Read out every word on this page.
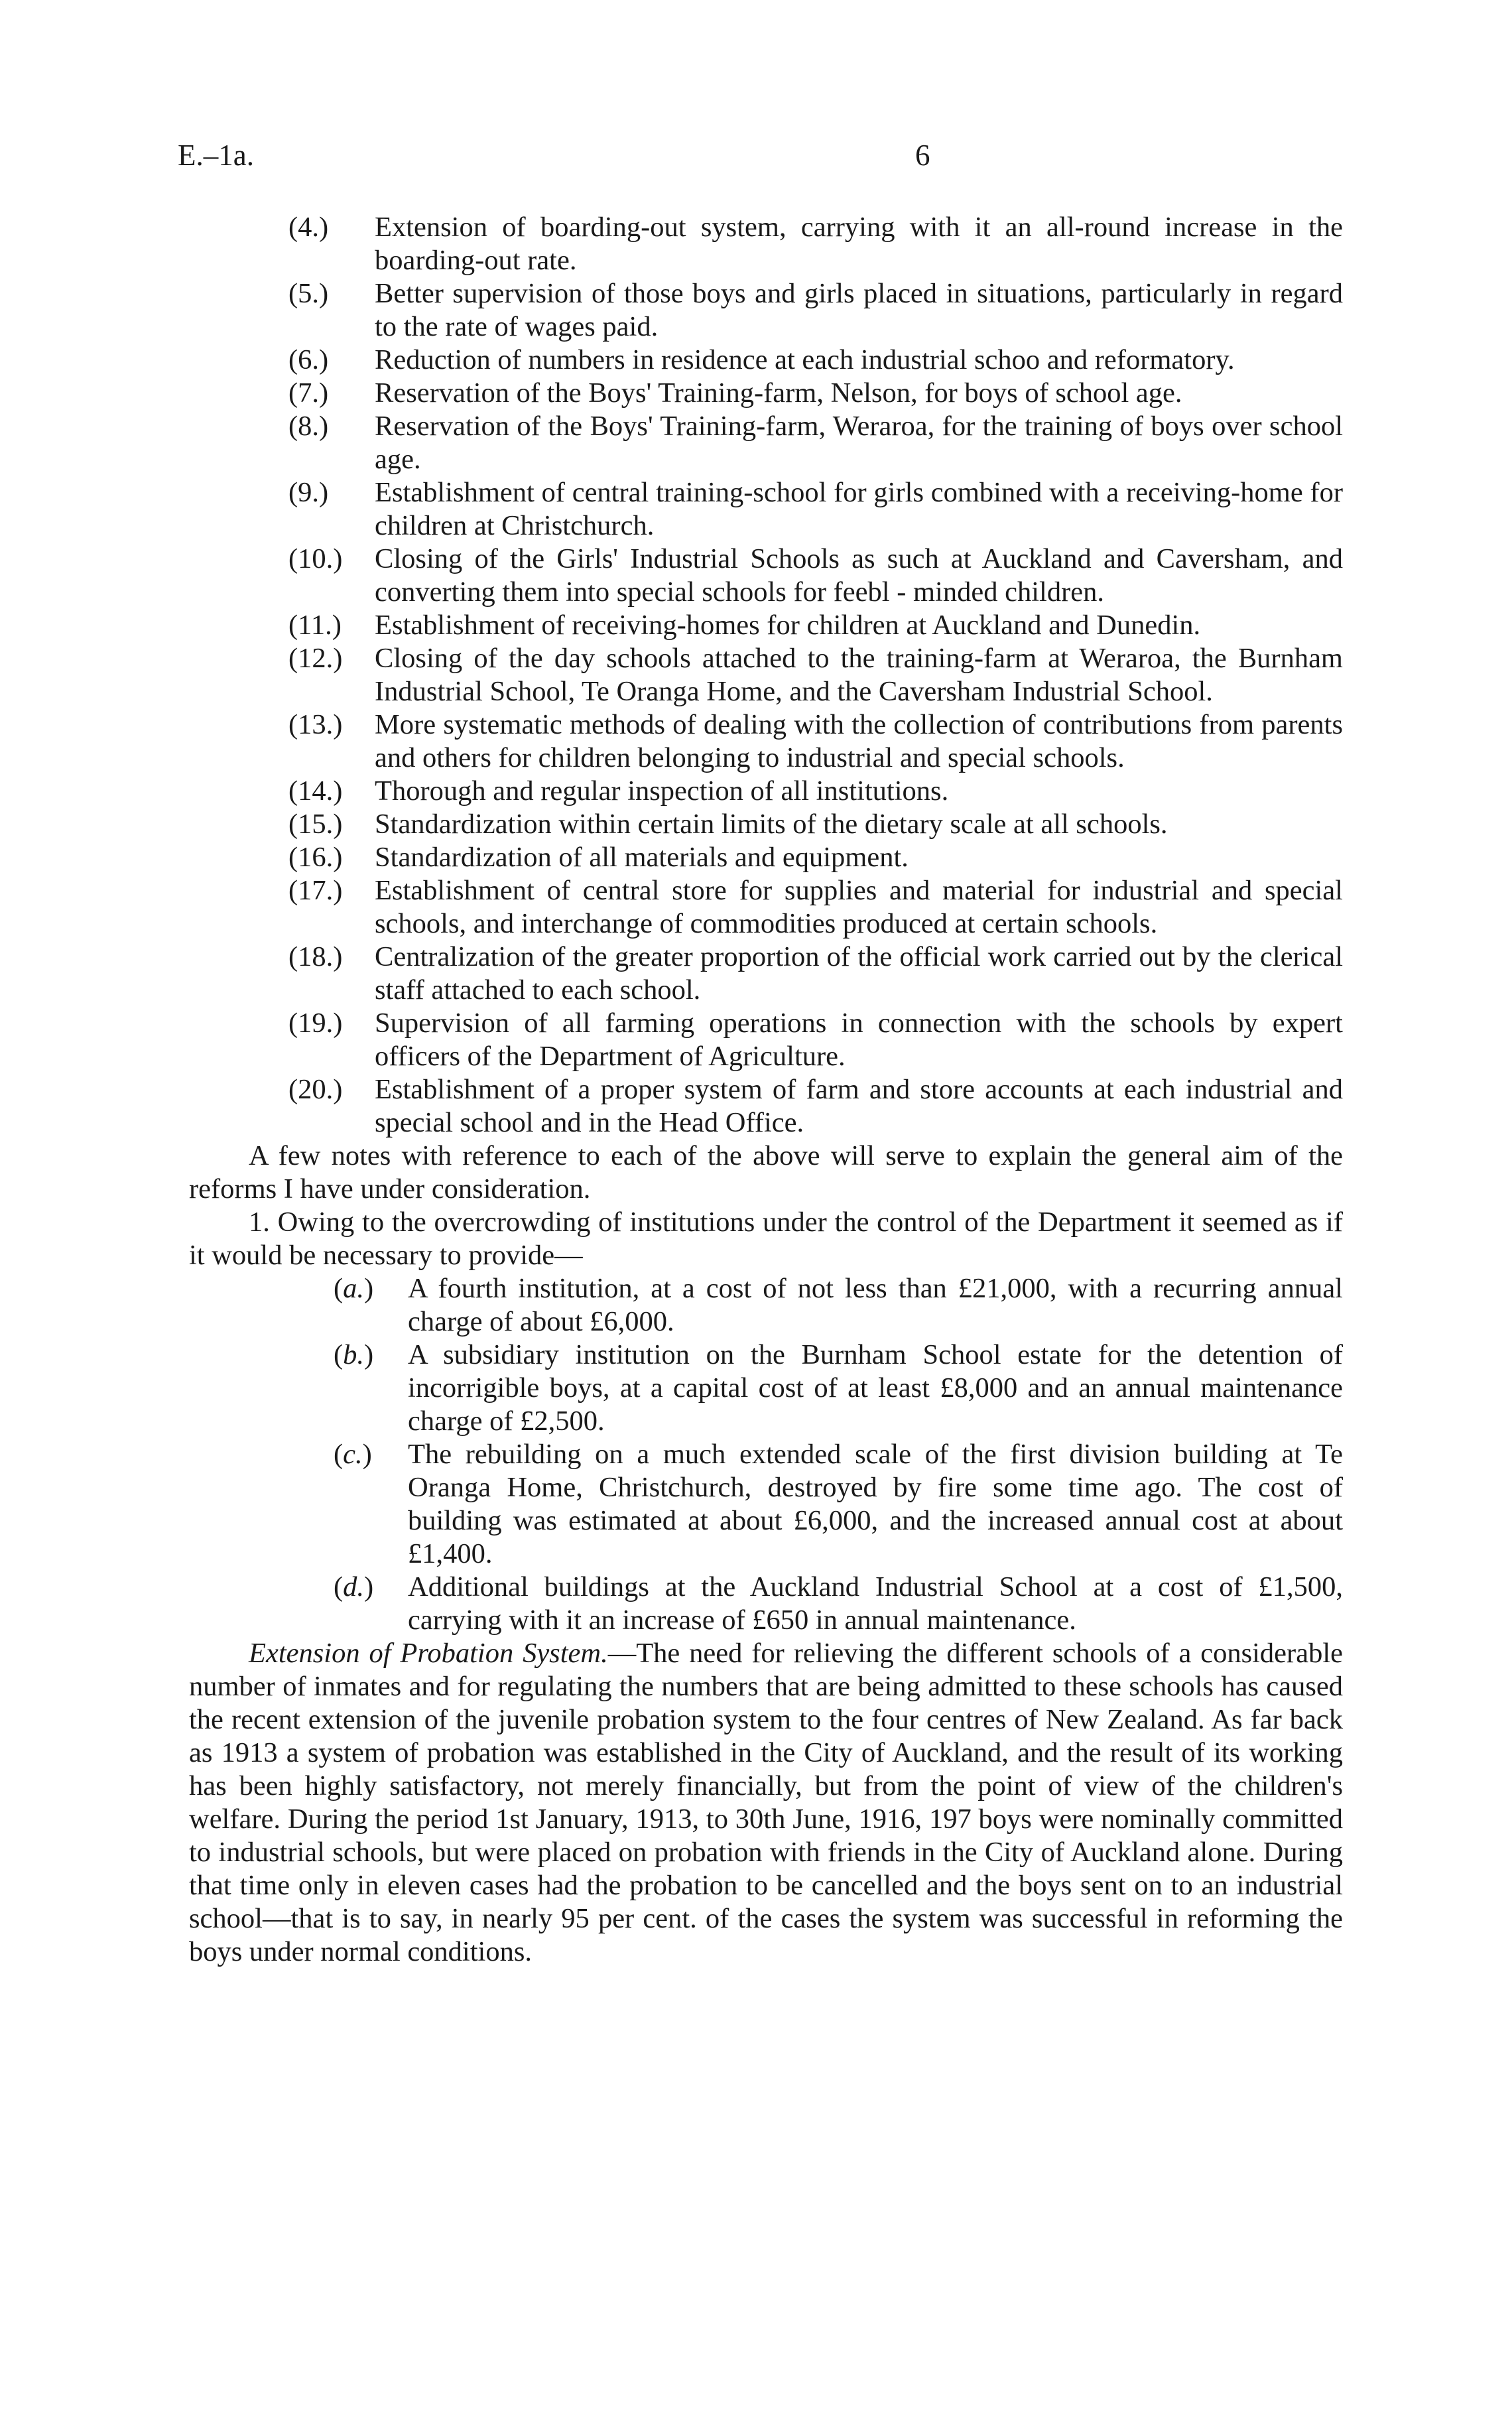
E.–1a.	6
(4.)	Extension of boarding-out system, carrying with it an all-round increase in the boarding-out rate.
(5.)	Better supervision of those boys and girls placed in situations, particularly in regard to the rate of wages paid.
(6.)	Reduction of numbers in residence at each industrial schoo and reformatory.
(7.)	Reservation of the Boys' Training-farm, Nelson, for boys of school age.
(8.)	Reservation of the Boys' Training-farm, Weraroa, for the training of boys over school age.
(9.)	Establishment of central training-school for girls combined with a receiving-home for children at Christchurch.
(10.)	Closing of the Girls' Industrial Schools as such at Auckland and Caversham, and converting them into special schools for feebl - minded children.
(11.)	Establishment of receiving-homes for children at Auckland and Dunedin.
(12.)	Closing of the day schools attached to the training-farm at Weraroa, the Burnham Industrial School, Te Oranga Home, and the Caversham Industrial School.
(13.)	More systematic methods of dealing with the collection of contributions from parents and others for children belonging to industrial and special schools.
(14.)	Thorough and regular inspection of all institutions.
(15.)	Standardization within certain limits of the dietary scale at all schools.
(16.)	Standardization of all materials and equipment.
(17.)	Establishment of central store for supplies and material for industrial and special schools, and interchange of commodities produced at certain schools.
(18.)	Centralization of the greater proportion of the official work carried out by the clerical staff attached to each school.
(19.)	Supervision of all farming operations in connection with the schools by expert officers of the Department of Agriculture.
(20.)	Establishment of a proper system of farm and store accounts at each industrial and special school and in the Head Office.

A few notes with reference to each of the above will serve to explain the general aim of the reforms I have under consideration.

1. Owing to the overcrowding of institutions under the control of the Department it seemed as if it would be necessary to provide—

(a.)	A fourth institution, at a cost of not less than £21,000, with a recurring annual charge of about £6,000.
(b.)	A subsidiary institution on the Burnham School estate for the detention of incorrigible boys, at a capital cost of at least £8,000 and an annual maintenance charge of £2,500.
(c.)	The rebuilding on a much extended scale of the first division building at Te Oranga Home, Christchurch, destroyed by fire some time ago. The cost of building was estimated at about £6,000, and the increased annual cost at about £1,400.
(d.)	Additional buildings at the Auckland Industrial School at a cost of £1,500, carrying with it an increase of £650 in annual maintenance.

Extension of Probation System.—The need for relieving the different schools of a considerable number of inmates and for regulating the numbers that are being admitted to these schools has caused the recent extension of the juvenile probation system to the four centres of New Zealand. As far back as 1913 a system of probation was established in the City of Auckland, and the result of its working has been highly satisfactory, not merely financially, but from the point of view of the children's welfare. During the period 1st January, 1913, to 30th June, 1916, 197 boys were nominally committed to industrial schools, but were placed on probation with friends in the City of Auckland alone. During that time only in eleven cases had the probation to be cancelled and the boys sent on to an industrial school—that is to say, in nearly 95 per cent. of the cases the system was successful in reforming the boys under normal conditions.
